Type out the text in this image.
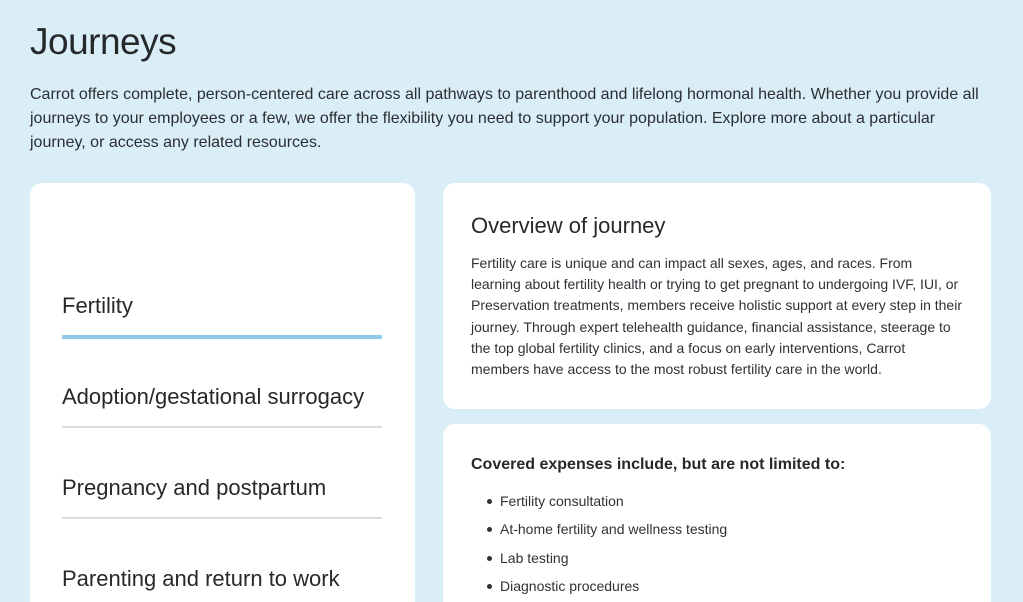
Journeys

Carrot offers complete, person-centered care across all pathways to parenthood and lifelong hormonal health. Whether you provide all journeys to your employees or a few, we offer the flexibility you need to support your population. Explore more about a particular journey, or access any related resources.

Fertility
Adoption/gestational surrogacy
Pregnancy and postpartum
Parenting and return to work
Overview of journey

Fertility care is unique and can impact all sexes, ages, and races. From learning about fertility health or trying to get pregnant to undergoing IVF, IUI, or Preservation treatments, members receive holistic support at every step in their journey. Through expert telehealth guidance, financial assistance, steerage to the top global fertility clinics, and a focus on early interventions, Carrot members have access to the most robust fertility care in the world.

Covered expenses include, but are not limited to:
Fertility consultation
At-home fertility and wellness testing
Lab testing
Diagnostic procedures
